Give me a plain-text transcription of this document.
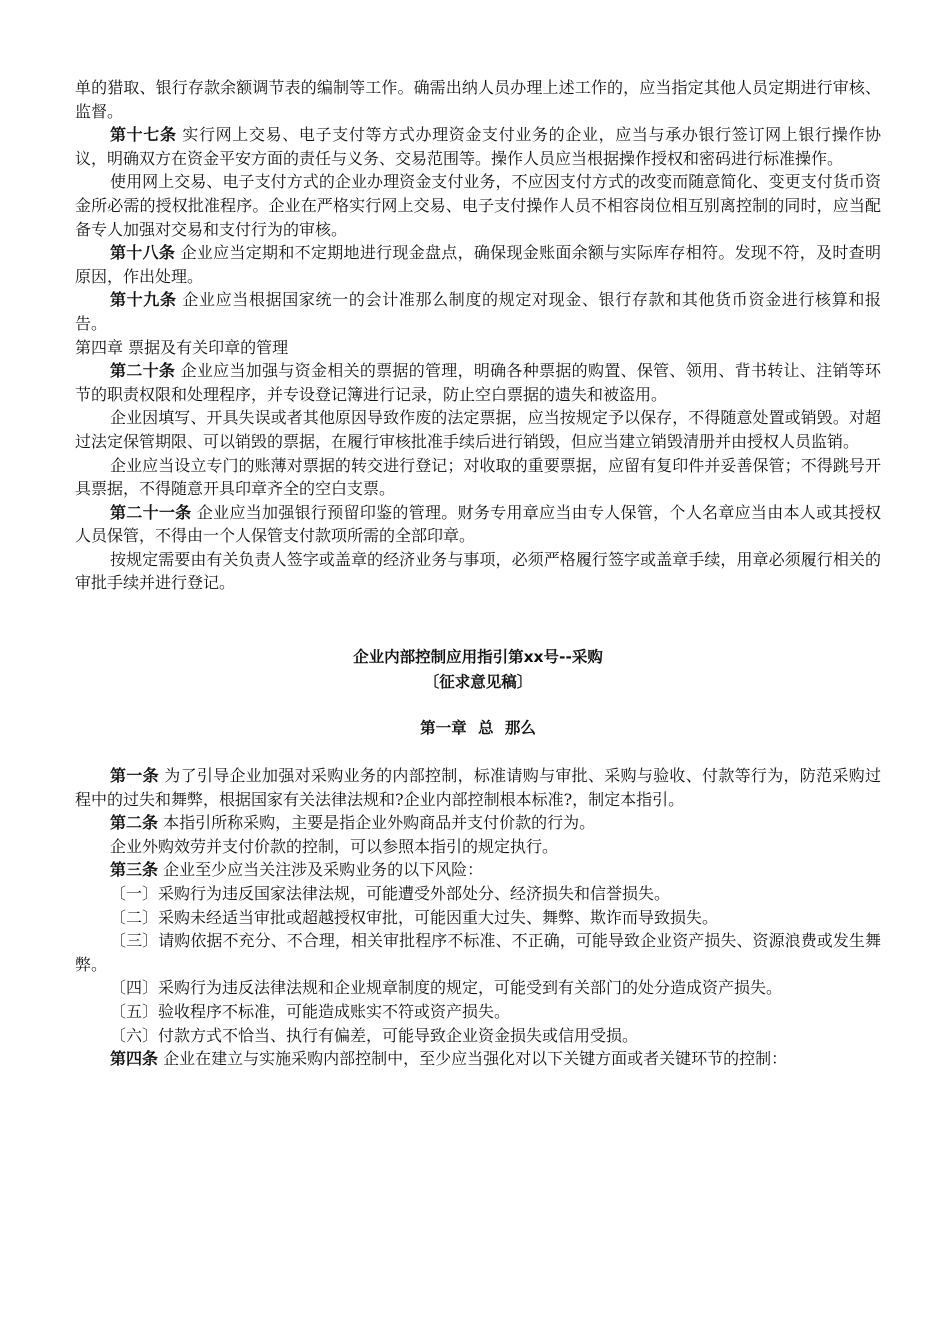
单的猎取、银行存款余额调节表的编制等工作。确需出纳人员办理上述工作的，应当指定其他人员定期进行审核、监督。

第十七条 实行网上交易、电子支付等方式办理资金支付业务的企业，应当与承办银行签订网上银行操作协议，明确双方在资金平安方面的责任与义务、交易范围等。操作人员应当根据操作授权和密码进行标准操作。

使用网上交易、电子支付方式的企业办理资金支付业务，不应因支付方式的改变而随意简化、变更支付货币资金所必需的授权批准程序。企业在严格实行网上交易、电子支付操作人员不相容岗位相互别离控制的同时，应当配备专人加强对交易和支付行为的审核。

第十八条 企业应当定期和不定期地进行现金盘点，确保现金账面余额与实际库存相符。发现不符，及时查明原因，作出处理。

第十九条 企业应当根据国家统一的会计准那么制度的规定对现金、银行存款和其他货币资金进行核算和报告。

第四章 票据及有关印章的管理

第二十条 企业应当加强与资金相关的票据的管理，明确各种票据的购置、保管、领用、背书转让、注销等环节的职责权限和处理程序，并专设登记簿进行记录，防止空白票据的遗失和被盗用。

企业因填写、开具失误或者其他原因导致作废的法定票据，应当按规定予以保存，不得随意处置或销毁。对超过法定保管期限、可以销毁的票据，在履行审核批准手续后进行销毁，但应当建立销毁清册并由授权人员监销。

企业应当设立专门的账薄对票据的转交进行登记；对收取的重要票据，应留有复印件并妥善保管；不得跳号开具票据，不得随意开具印章齐全的空白支票。

第二十一条 企业应当加强银行预留印鉴的管理。财务专用章应当由专人保管，个人名章应当由本人或其授权人员保管，不得由一个人保管支付款项所需的全部印章。

按规定需要由有关负责人签字或盖章的经济业务与事项，必须严格履行签字或盖章手续，用章必须履行相关的审批手续并进行登记。

企业内部控制应用指引第xx号--采购

〔征求意见稿〕

第一章 总 那么

第一条 为了引导企业加强对采购业务的内部控制，标准请购与审批、采购与验收、付款等行为，防范采购过程中的过失和舞弊，根据国家有关法律法规和?企业内部控制根本标准?，制定本指引。

第二条 本指引所称采购，主要是指企业外购商品并支付价款的行为。

企业外购效劳并支付价款的控制，可以参照本指引的规定执行。

第三条 企业至少应当关注涉及采购业务的以下风险：

〔一〕采购行为违反国家法律法规，可能遭受外部处分、经济损失和信誉损失。

〔二〕采购未经适当审批或超越授权审批，可能因重大过失、舞弊、欺诈而导致损失。

〔三〕请购依据不充分、不合理，相关审批程序不标准、不正确，可能导致企业资产损失、资源浪费或发生舞弊。

〔四〕采购行为违反法律法规和企业规章制度的规定，可能受到有关部门的处分造成资产损失。

〔五〕验收程序不标准，可能造成账实不符或资产损失。

〔六〕付款方式不恰当、执行有偏差，可能导致企业资金损失或信用受损。

第四条 企业在建立与实施采购内部控制中，至少应当强化对以下关键方面或者关键环节的控制：
